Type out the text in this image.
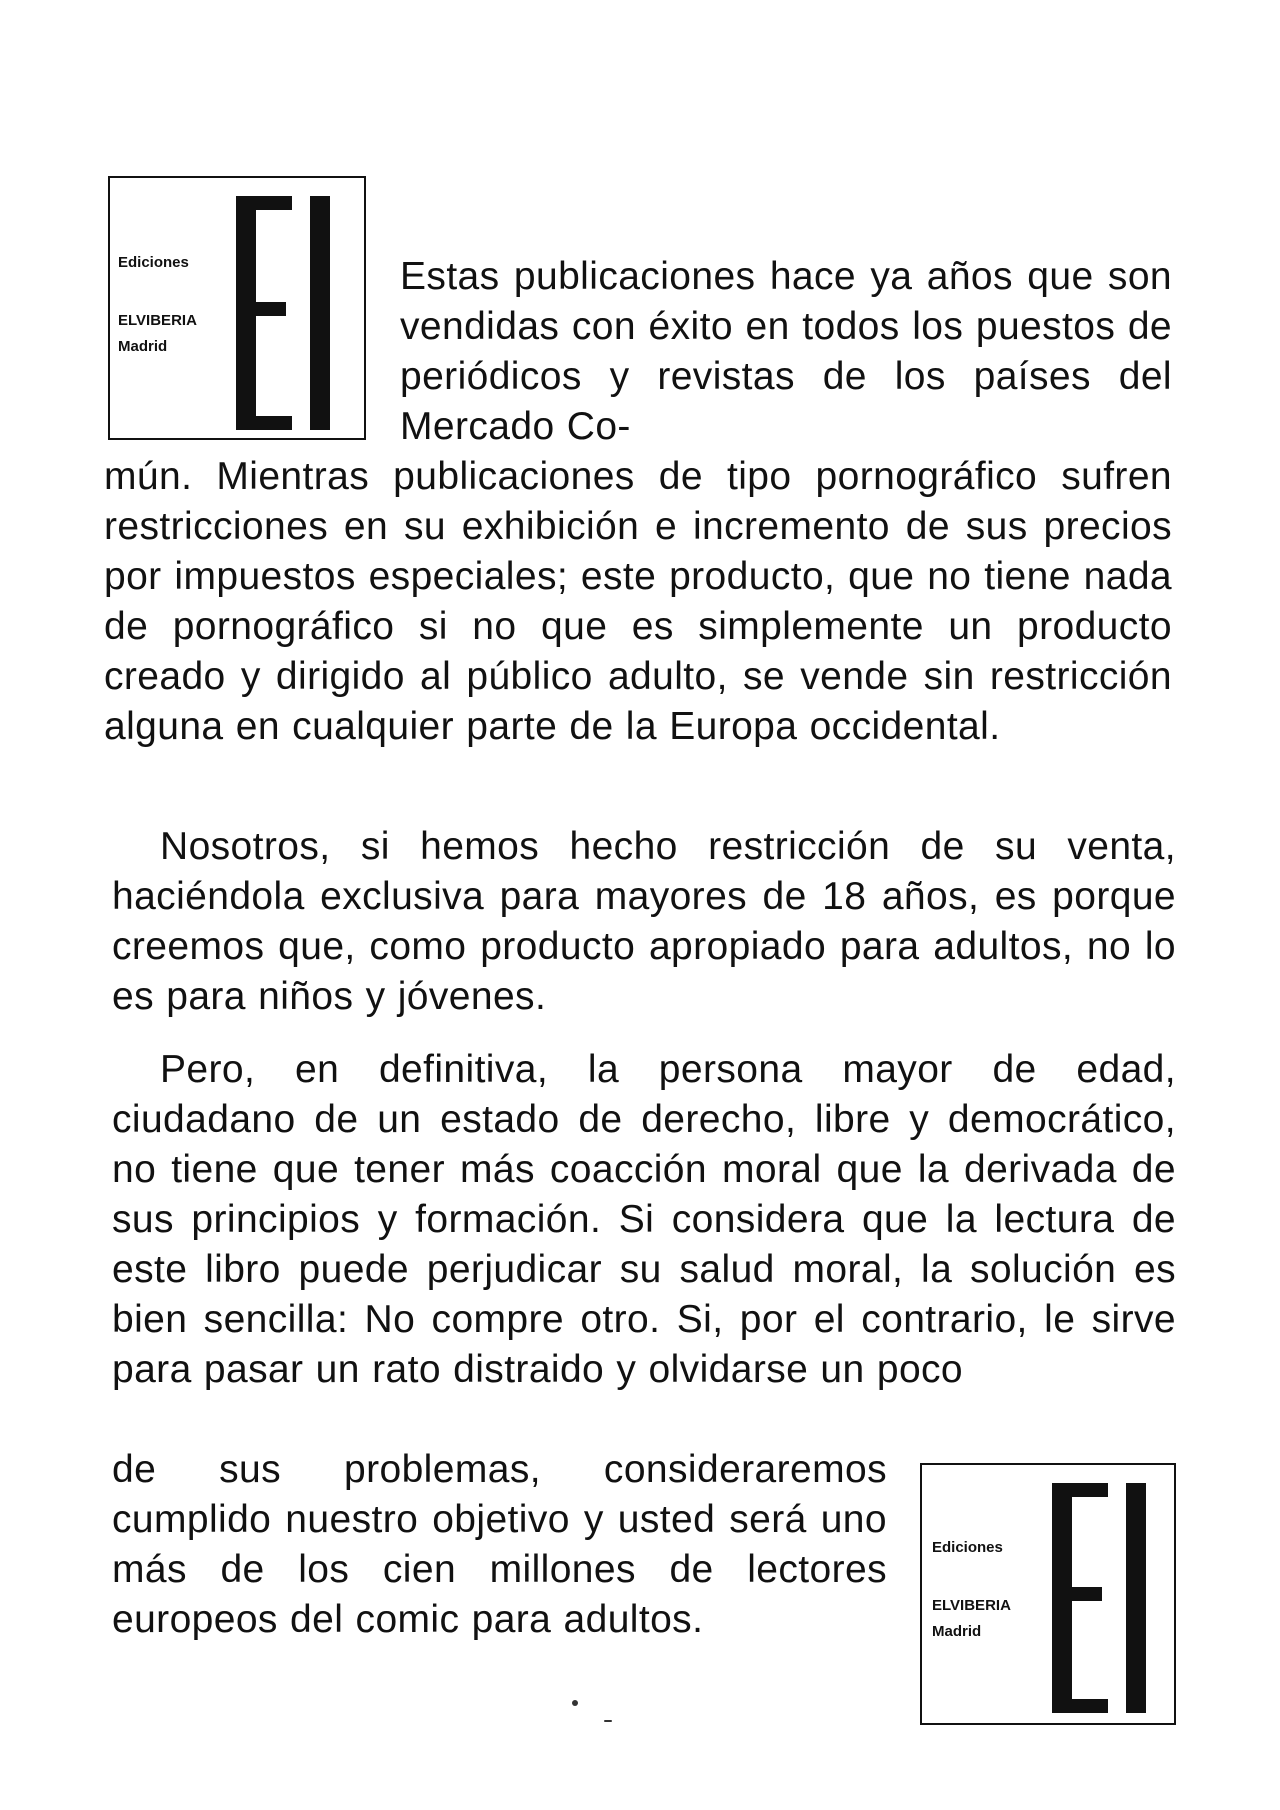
Ediciones
ELVIBERIA
Madrid

Estas publicaciones hace ya años que son vendidas con éxito en todos los puestos de periódicos y revistas de los países del Mercado Co-

mún. Mientras publicaciones de tipo pornográfico sufren restricciones en su exhibición e incremento de sus precios por impuestos especiales; este producto, que no tiene nada de pornográfico si no que es simplemente un producto creado y dirigido al público adulto, se vende sin restricción alguna en cualquier parte de la Europa occidental.

Nosotros, si hemos hecho restricción de su venta, haciéndola exclusiva para mayores de 18 años, es porque creemos que, como producto apropiado para adultos, no lo es para niños y jóvenes.

Pero, en definitiva, la persona mayor de edad, ciudadano de un estado de derecho, libre y democrático, no tiene que tener más coacción moral que la derivada de sus principios y formación. Si considera que la lectura de este libro puede perjudicar su salud moral, la solución es bien sencilla: No compre otro. Si, por el contrario, le sirve para pasar un rato distraido y olvidarse un poco

de sus problemas, consideraremos cumplido nuestro objetivo y usted será uno más de los cien millones de lectores europeos del comic para adultos.

Ediciones
ELVIBERIA
Madrid
